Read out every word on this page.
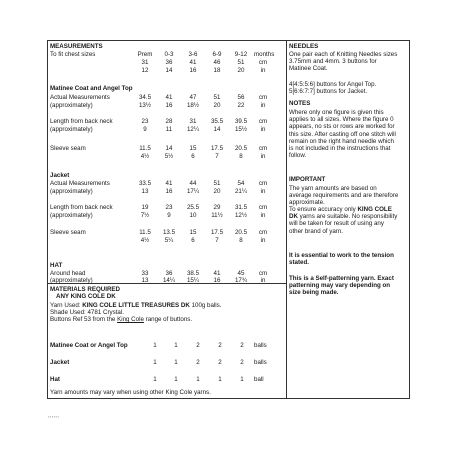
MEASUREMENTS
To fit chest sizes	Prem	0-3	3-6	6-9	9-12	months
31	36	41	46	51	cm
12	14	16	18	20	in
Matinee Coat and Angel Top
Actual Measurements
(approximately)
34.5	41	47	51	56	cm
13½	16	18½	20	22	in
Length from back neck
(approximately)
23	28	31	35.5	39.5	cm
9	11	12¼	14	15½	in
Sleeve seam	11.5	14	15	17.5	20.5	cm
4½	5½	6	7	8	in
Jacket
Actual Measurements
(approximately)
33.5	41	44	51	54	cm
13	16	17¼	20	21¼	in
Length from back neck
(approximately)
19	23	25.5	29	31.5	cm
7½	9	10	11½	12½	in
Sleeve seam	11.5	13.5	15	17.5	20.5	cm
4½	5¼	6	7	8	in
HAT
Around head
(approximately)
33	36	38.5	41	45	cm
13	14¼	15¼	16	17¾	in
MATERIALS REQUIRED
ANY KING COLE DK
Yarn Used: KING COLE LITTLE TREASURES DK 100g balls.
Shade Used: 4781 Crystal.
Buttons Ref 53 from the King Cole range of buttons.
Matinee Coat or Angel Top	1	1	2	2	2	balls
Jacket	1	1	2	2	2	balls
Hat	1	1	1	1	1	ball
Yarn amounts may vary when using other King Cole yarns.
NEEDLES
One pair each of Knitting Needles sizes 3.75mm and 4mm. 3 buttons for Matinee Coat.
4[4:5:5:6] buttons for Angel Top.
5[6:6:7:7] buttons for Jacket.
NOTES
Where only one figure is given this applies to all sizes. Where the figure 0 appears, no sts or rows are worked for this size. After casting off one stitch will remain on the right hand needle which is not included in the instructions that follow.
IMPORTANT
The yarn amounts are based on average requirements and are therefore approximate.
To ensure accuracy only KING COLE DK yarns are suitable. No responsibility will be taken for result of using any other brand of yarn.
It is essential to work to the tension stated.
This is a Self-patterning yarn. Exact patterning may vary depending on size being made.
▪▪▪▪▪▪
